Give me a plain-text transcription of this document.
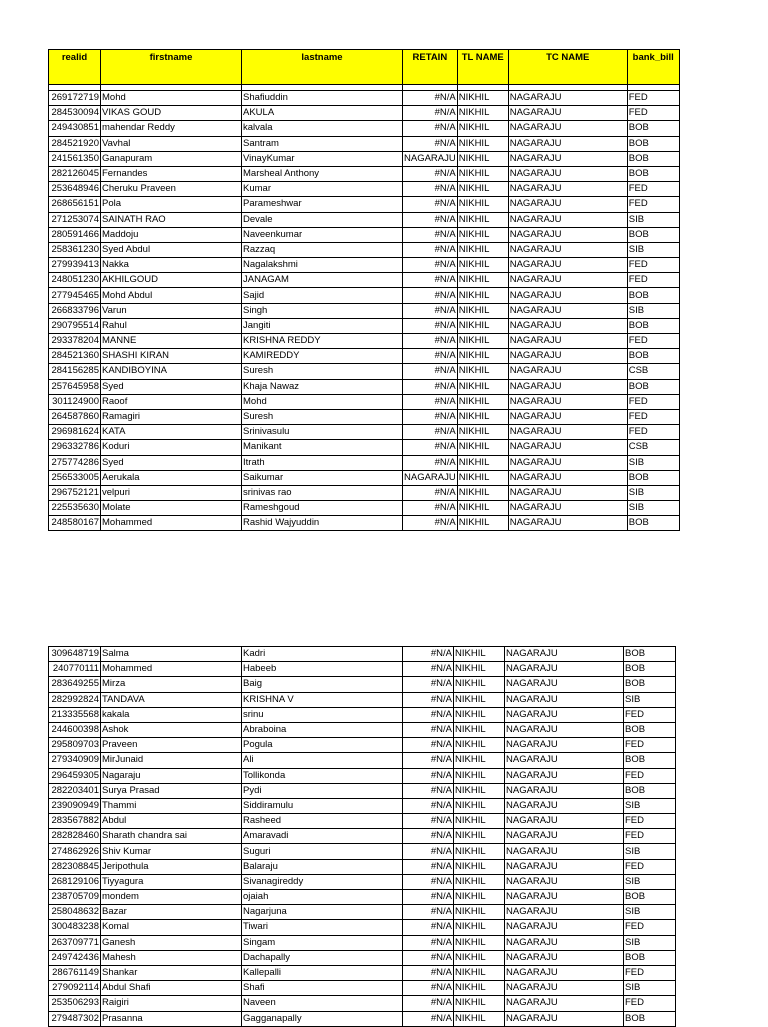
realid	firstname	lastname	RETAIN	TL NAME	TC NAME	bank_bill

269172719	Mohd	Shafiuddin	#N/A	NIKHIL	NAGARAJU	FED
284530094	VIKAS GOUD	AKULA	#N/A	NIKHIL	NAGARAJU	FED
249430851	mahendar Reddy	kalvala	#N/A	NIKHIL	NAGARAJU	BOB
284521920	Vavhal	Santram	#N/A	NIKHIL	NAGARAJU	BOB
241561350	Ganapuram	VinayKumar	NAGARAJU	NIKHIL	NAGARAJU	BOB
282126045	Fernandes	Marsheal Anthony	#N/A	NIKHIL	NAGARAJU	BOB
253648946	Cheruku Praveen	Kumar	#N/A	NIKHIL	NAGARAJU	FED
268656151	Pola	Parameshwar	#N/A	NIKHIL	NAGARAJU	FED
271253074	SAINATH RAO	Devale	#N/A	NIKHIL	NAGARAJU	SIB
280591466	Maddoju	Naveenkumar	#N/A	NIKHIL	NAGARAJU	BOB
258361230	Syed Abdul	Razzaq	#N/A	NIKHIL	NAGARAJU	SIB
279939413	Nakka	Nagalakshmi	#N/A	NIKHIL	NAGARAJU	FED
248051230	AKHILGOUD	JANAGAM	#N/A	NIKHIL	NAGARAJU	FED
277945465	Mohd Abdul	Sajid	#N/A	NIKHIL	NAGARAJU	BOB
266833796	Varun	Singh	#N/A	NIKHIL	NAGARAJU	SIB
290795514	Rahul	Jangiti	#N/A	NIKHIL	NAGARAJU	BOB
293378204	MANNE	KRISHNA REDDY	#N/A	NIKHIL	NAGARAJU	FED
284521360	SHASHI KIRAN	KAMIREDDY	#N/A	NIKHIL	NAGARAJU	BOB
284156285	KANDIBOYINA	Suresh	#N/A	NIKHIL	NAGARAJU	CSB
257645958	Syed	Khaja Nawaz	#N/A	NIKHIL	NAGARAJU	BOB
301124900	Raoof	Mohd	#N/A	NIKHIL	NAGARAJU	FED
264587860	Ramagiri	Suresh	#N/A	NIKHIL	NAGARAJU	FED
296981624	KATA	Srinivasulu	#N/A	NIKHIL	NAGARAJU	FED
296332786	Koduri	Manikant	#N/A	NIKHIL	NAGARAJU	CSB
275774286	Syed	Itrath	#N/A	NIKHIL	NAGARAJU	SIB
256533005	Aerukala	Saikumar	NAGARAJU	NIKHIL	NAGARAJU	BOB
296752121	velpuri	srinivas rao	#N/A	NIKHIL	NAGARAJU	SIB
225535630	Molate	Rameshgoud	#N/A	NIKHIL	NAGARAJU	SIB
248580167	Mohammed	Rashid Wajyuddin	#N/A	NIKHIL	NAGARAJU	BOB
309648719	Salma	Kadri	#N/A	NIKHIL	NAGARAJU	BOB
240770111	Mohammed	Habeeb	#N/A	NIKHIL	NAGARAJU	BOB
283649255	Mirza	Baig	#N/A	NIKHIL	NAGARAJU	BOB
282992824	TANDAVA	KRISHNA V	#N/A	NIKHIL	NAGARAJU	SIB
213335568	kakala	srinu	#N/A	NIKHIL	NAGARAJU	FED
244600398	Ashok	Abraboina	#N/A	NIKHIL	NAGARAJU	BOB
295809703	Praveen	Pogula	#N/A	NIKHIL	NAGARAJU	FED
279340909	MirJunaid	Ali	#N/A	NIKHIL	NAGARAJU	BOB
296459305	Nagaraju	Tollikonda	#N/A	NIKHIL	NAGARAJU	FED
282203401	Surya Prasad	Pydi	#N/A	NIKHIL	NAGARAJU	BOB
239090949	Thammi	Siddiramulu	#N/A	NIKHIL	NAGARAJU	SIB
283567882	Abdul	Rasheed	#N/A	NIKHIL	NAGARAJU	FED
282828460	Sharath chandra sai	Amaravadi	#N/A	NIKHIL	NAGARAJU	FED
274862926	Shiv Kumar	Suguri	#N/A	NIKHIL	NAGARAJU	SIB
282308845	Jeripothula	Balaraju	#N/A	NIKHIL	NAGARAJU	FED
268129106	Tiyyagura	Sivanagireddy	#N/A	NIKHIL	NAGARAJU	SIB
238705709	mondem	ojaiah	#N/A	NIKHIL	NAGARAJU	BOB
258048632	Bazar	Nagarjuna	#N/A	NIKHIL	NAGARAJU	SIB
300483238	Komal	Tiwari	#N/A	NIKHIL	NAGARAJU	FED
263709771	Ganesh	Singam	#N/A	NIKHIL	NAGARAJU	SIB
249742436	Mahesh	Dachapally	#N/A	NIKHIL	NAGARAJU	BOB
286761149	Shankar	Kallepalli	#N/A	NIKHIL	NAGARAJU	FED
279092114	Abdul Shafi	Shafi	#N/A	NIKHIL	NAGARAJU	SIB
253506293	Raigiri	Naveen	#N/A	NIKHIL	NAGARAJU	FED
279487302	Prasanna	Gagganapally	#N/A	NIKHIL	NAGARAJU	BOB
